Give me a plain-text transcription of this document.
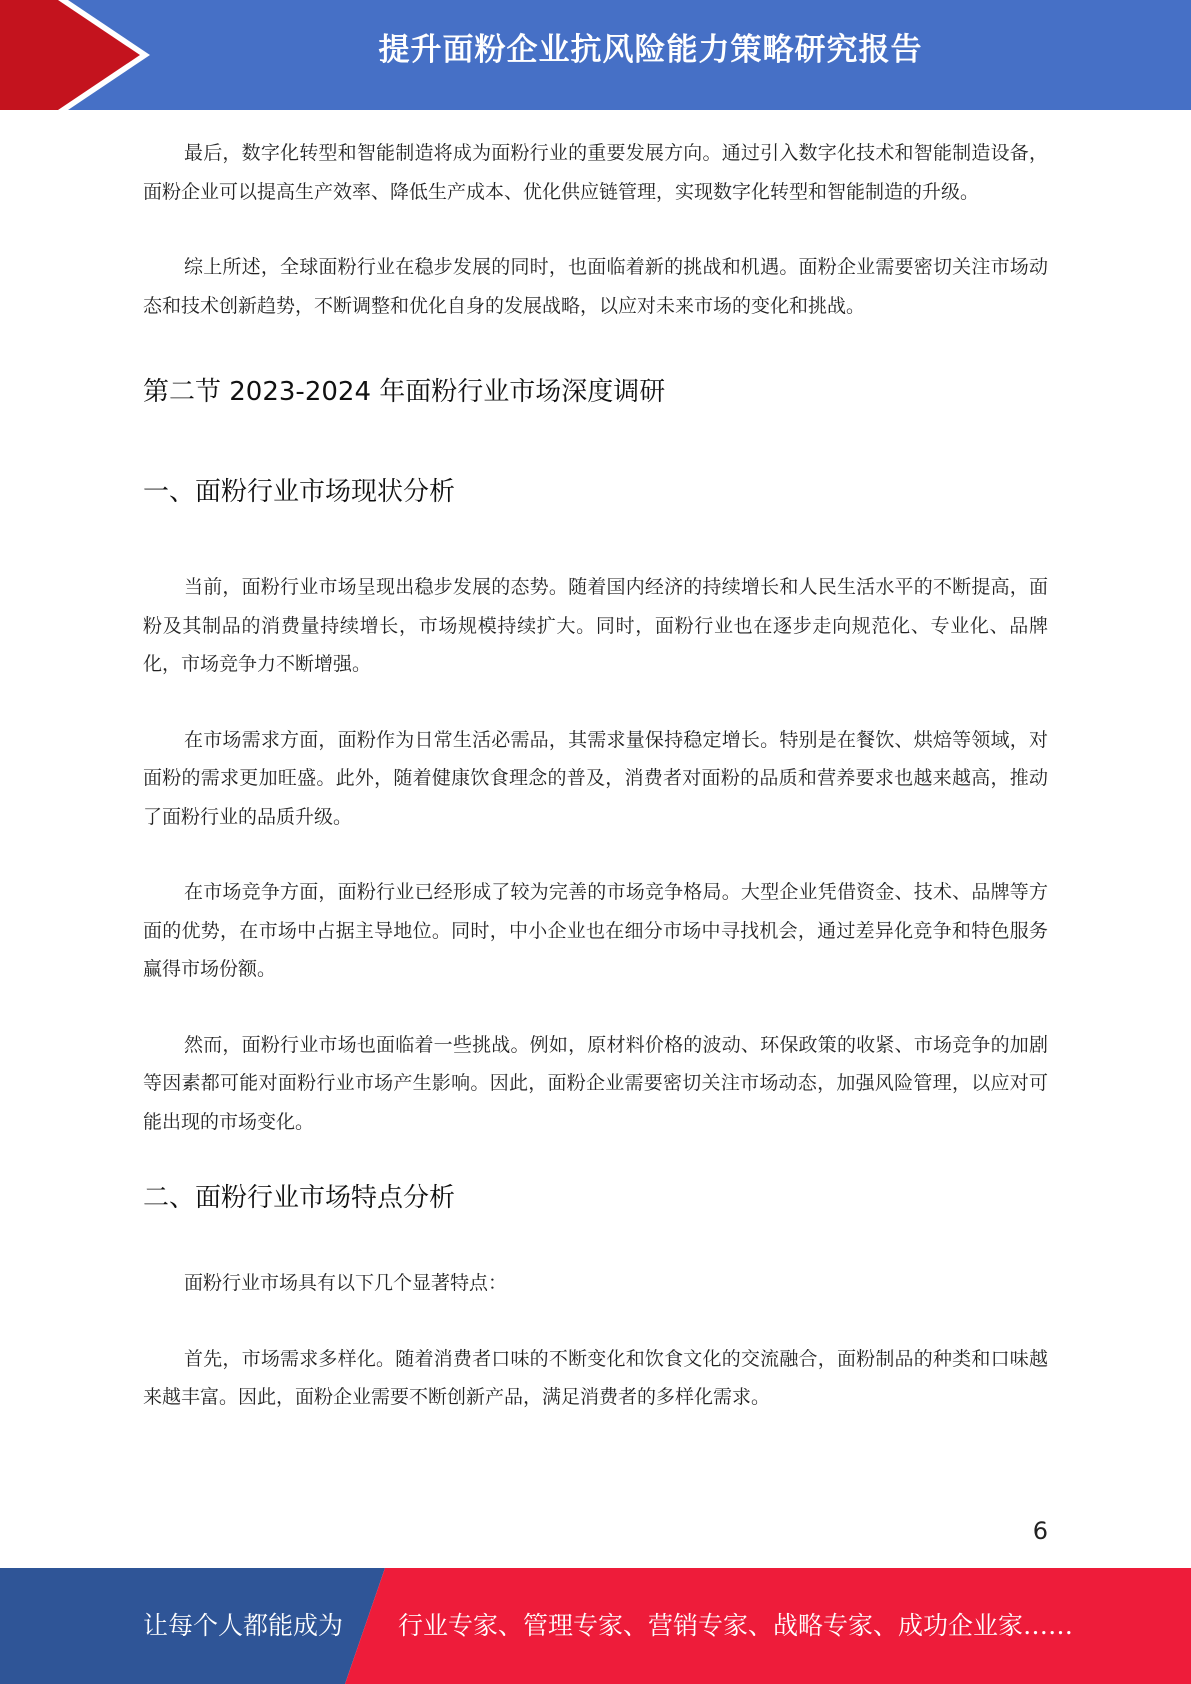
提升面粉企业抗风险能力策略研究报告

最后，数字化转型和智能制造将成为面粉行业的重要发展方向。通过引入数字化技术和智能制造设备，面粉企业可以提高生产效率、降低生产成本、优化供应链管理，实现数字化转型和智能制造的升级。

综上所述，全球面粉行业在稳步发展的同时，也面临着新的挑战和机遇。面粉企业需要密切关注市场动态和技术创新趋势，不断调整和优化自身的发展战略，以应对未来市场的变化和挑战。

第二节 2023-2024 年面粉行业市场深度调研
一、面粉行业市场现状分析

当前，面粉行业市场呈现出稳步发展的态势。随着国内经济的持续增长和人民生活水平的不断提高，面粉及其制品的消费量持续增长，市场规模持续扩大。同时，面粉行业也在逐步走向规范化、专业化、品牌化，市场竞争力不断增强。

在市场需求方面，面粉作为日常生活必需品，其需求量保持稳定增长。特别是在餐饮、烘焙等领域，对面粉的需求更加旺盛。此外，随着健康饮食理念的普及，消费者对面粉的品质和营养要求也越来越高，推动了面粉行业的品质升级。

在市场竞争方面，面粉行业已经形成了较为完善的市场竞争格局。大型企业凭借资金、技术、品牌等方面的优势，在市场中占据主导地位。同时，中小企业也在细分市场中寻找机会，通过差异化竞争和特色服务赢得市场份额。

然而，面粉行业市场也面临着一些挑战。例如，原材料价格的波动、环保政策的收紧、市场竞争的加剧等因素都可能对面粉行业市场产生影响。因此，面粉企业需要密切关注市场动态，加强风险管理，以应对可能出现的市场变化。

二、面粉行业市场特点分析

面粉行业市场具有以下几个显著特点：

首先，市场需求多样化。随着消费者口味的不断变化和饮食文化的交流融合，面粉制品的种类和口味越来越丰富。因此，面粉企业需要不断创新产品，满足消费者的多样化需求。

6
让每个人都能成为 行业专家、管理专家、营销专家、战略专家、成功企业家……
